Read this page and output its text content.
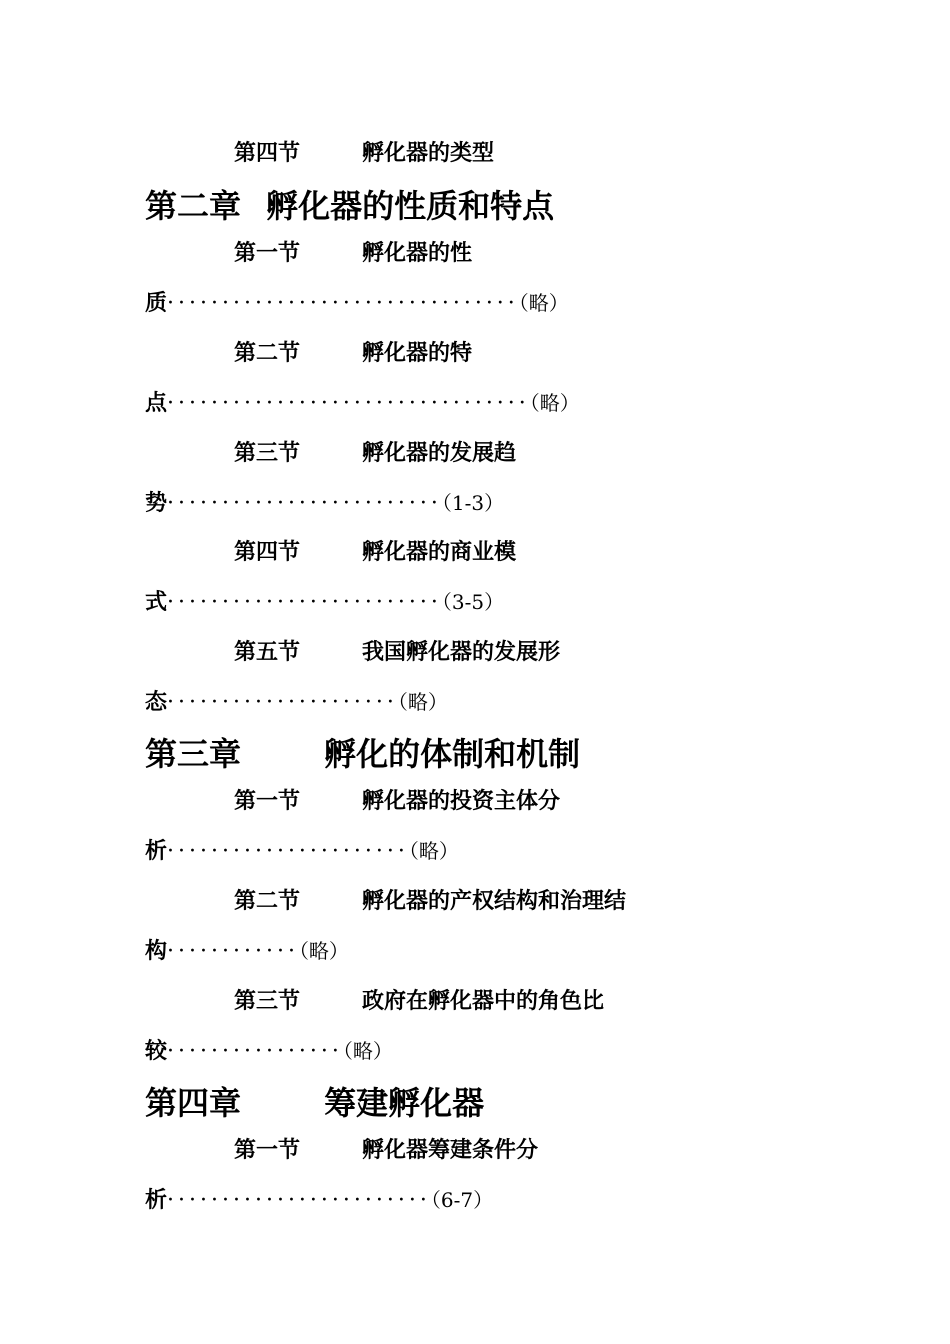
第四节	孵化器的类型
第二章 孵化器的性质和特点
第一节	孵化器的性
质································（略）
第二节	孵化器的特
点·································（略）
第三节	孵化器的发展趋
势·························（1-3）
第四节	孵化器的商业模
式·························（3-5）
第五节	我国孵化器的发展形
态·····················（略）
第三章	孵化的体制和机制
第一节	孵化器的投资主体分
析······················（略）
第二节	孵化器的产权结构和治理结
构············（略）
第三节	政府在孵化器中的角色比
较················（略）
第四章	筹建孵化器
第一节	孵化器筹建条件分
析························（6-7）
